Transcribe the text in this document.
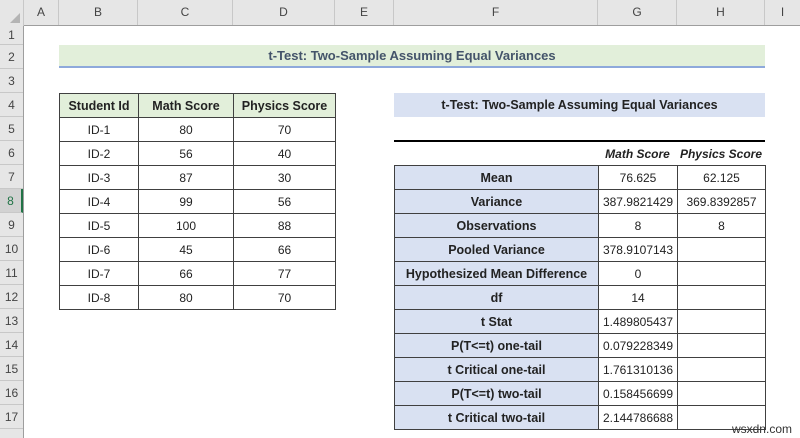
A	B	C	D	E	F	G	H	I
1
2
3
4
5
6
7
8
9
10
11
12
13
14
15
16
17
t-Test: Two-Sample Assuming Equal Variances
Student Id	Math Score	Physics Score
ID-1	80	70
ID-2	56	40
ID-3	87	30
ID-4	99	56
ID-5	100	88
ID-6	45	66
ID-7	66	77
ID-8	80	70
t-Test: Two-Sample Assuming Equal Variances
Math Score Physics Score
Mean	76.625	62.125
Variance	387.9821429	369.8392857
Observations	8	8
Pooled Variance	378.9107143	
Hypothesized Mean Difference	0	
df	14	
t Stat	1.489805437	
P(T<=t) one-tail	0.079228349	
t Critical one-tail	1.761310136	
P(T<=t) two-tail	0.158456699	
t Critical two-tail	2.144786688	
wsxdn.com
